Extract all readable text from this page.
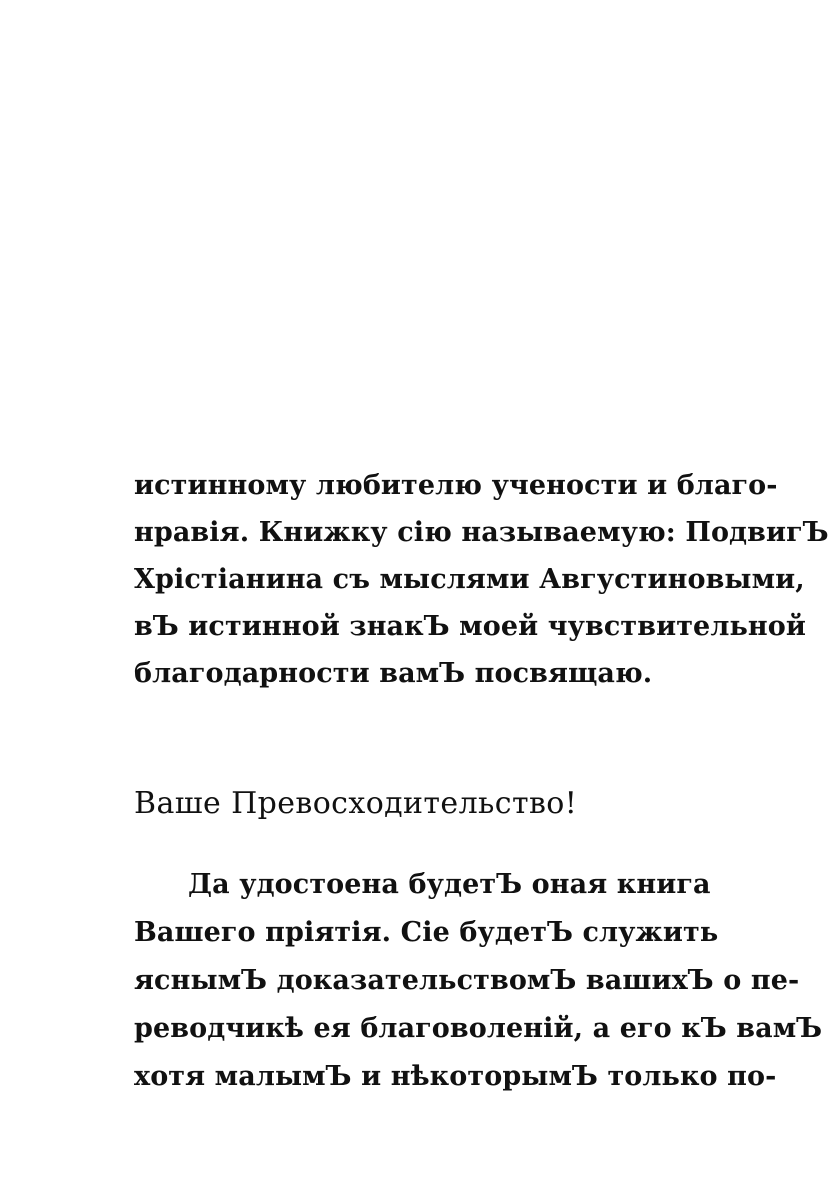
истинному любителю учености и благо-
нравія. Книжку сію называемую: ПодвигЪ
Хрістіанина съ мыслями Августиновыми,
вЪ истинной знакЪ моей чувствительной
благодарности вамЪ посвящаю.
Ваше Превосходительство!
Да удостоена будетЪ оная книга
Вашего пріятія. Сіе будетЪ служить
яснымЪ доказательствомЪ вашихЪ о пе-
реводчикѣ ея благоволеній, а его кЪ вамЪ
хотя малымЪ и нѣкоторымЪ только по-
